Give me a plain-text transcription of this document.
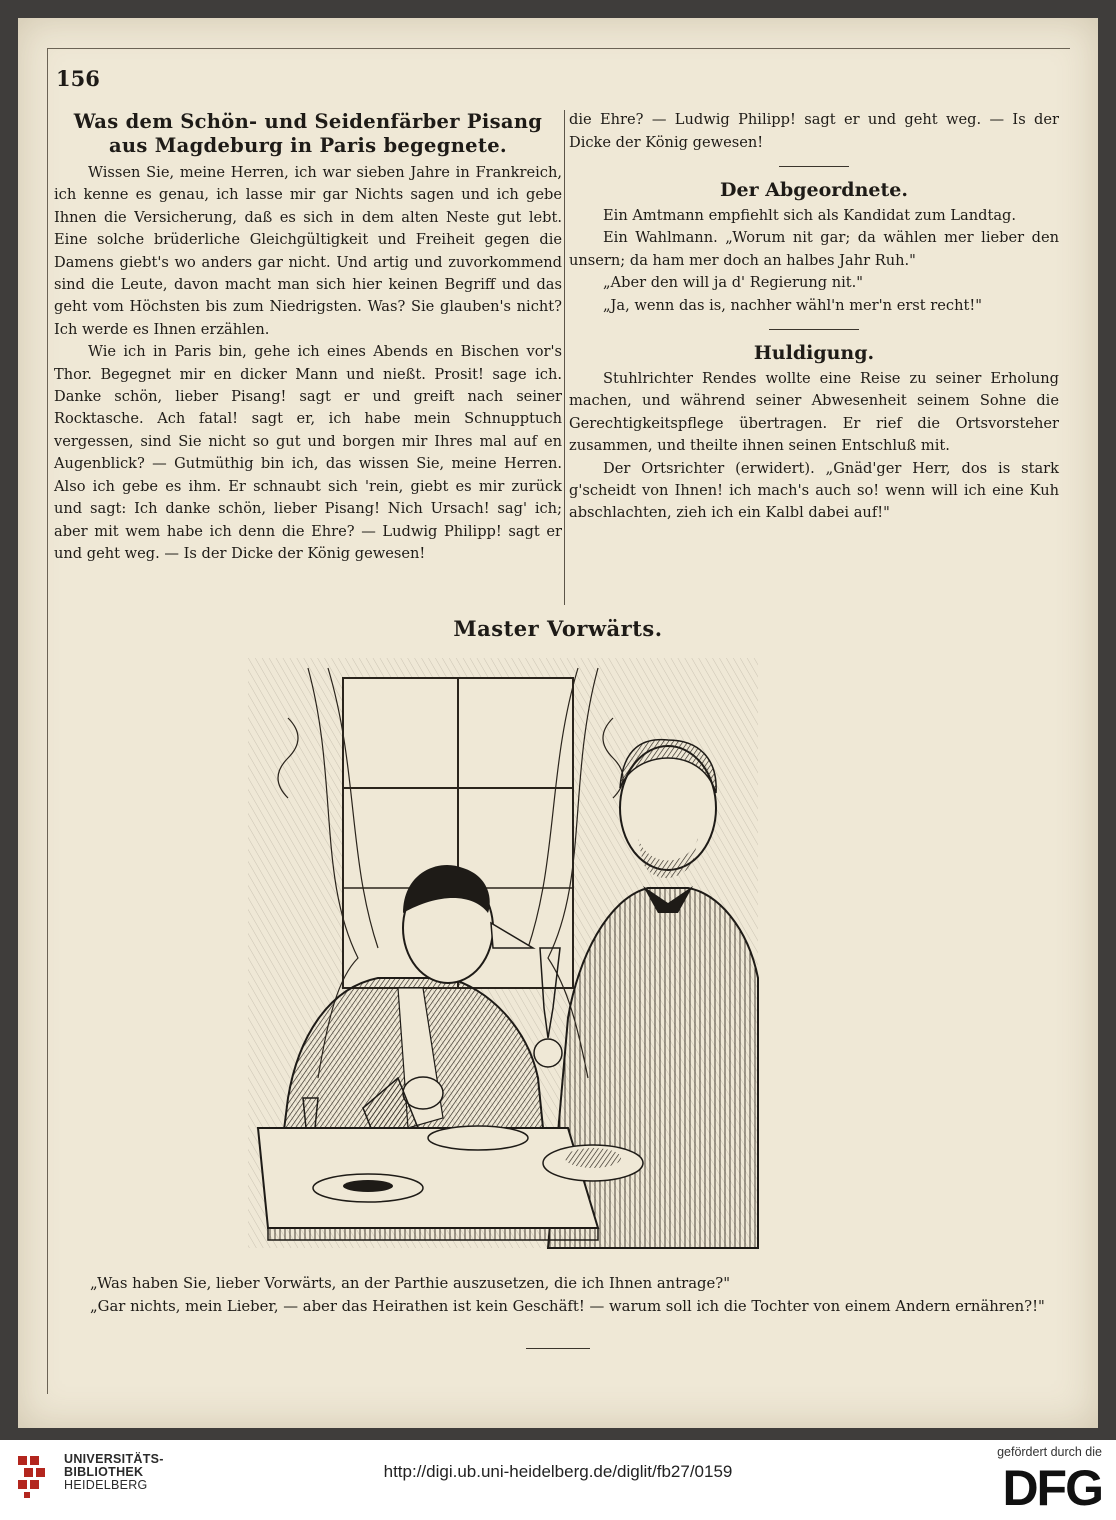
156
Was dem Schön- und Seidenfärber Pisang
aus Magdeburg in Paris begegnete.

Wissen Sie, meine Herren, ich war sieben Jahre in Frankreich, ich kenne es genau, ich lasse mir gar Nichts sagen und ich gebe Ihnen die Versicherung, daß es sich in dem alten Neste gut lebt. Eine solche brüderliche Gleichgültigkeit und Freiheit gegen die Damens giebt's wo anders gar nicht. Und artig und zuvorkommend sind die Leute, davon macht man sich hier keinen Begriff und das geht vom Höchsten bis zum Niedrigsten. Was? Sie glauben's nicht? Ich werde es Ihnen erzählen.

Wie ich in Paris bin, gehe ich eines Abends en Bischen vor's Thor. Begegnet mir en dicker Mann und nießt. Prosit! sage ich. Danke schön, lieber Pisang! sagt er und greift nach seiner Rocktasche. Ach fatal! sagt er, ich habe mein Schnupptuch vergessen, sind Sie nicht so gut und borgen mir Ihres mal auf en Augenblick? — Gutmüthig bin ich, das wissen Sie, meine Herren. Also ich gebe es ihm. Er schnaubt sich 'rein, giebt es mir zurück und sagt: Ich danke schön, lieber Pisang! Nich Ursach! sag' ich; aber mit wem habe ich denn die Ehre? — Ludwig Philipp! sagt er und geht weg. — Is der Dicke der König gewesen!

die Ehre? — Ludwig Philipp! sagt er und geht weg. — Is der Dicke der König gewesen!

Der Abgeordnete.

Ein Amtmann empfiehlt sich als Kandidat zum Landtag.

Ein Wahlmann. „Worum nit gar; da wählen mer lieber den unsern; da ham mer doch an halbes Jahr Ruh."

„Aber den will ja d' Regierung nit."

„Ja, wenn das is, nachher wähl'n mer'n erst recht!"

Huldigung.

Stuhlrichter Rendes wollte eine Reise zu seiner Erholung machen, und während seiner Abwesenheit seinem Sohne die Gerechtigkeitspflege übertragen. Er rief die Ortsvorsteher zusammen, und theilte ihnen seinen Entschluß mit.

Der Ortsrichter (erwidert). „Gnäd'ger Herr, dos is stark g'scheidt von Ihnen! ich mach's auch so! wenn will ich eine Kuh abschlachten, zieh ich ein Kalbl dabei auf!"

Master Vorwärts.

„Was haben Sie, lieber Vorwärts, an der Parthie auszusetzen, die ich Ihnen antrage?"

„Gar nichts, mein Lieber, — aber das Heirathen ist kein Geschäft! — warum soll ich die Tochter von einem Andern ernähren?!"

UNIVERSITÄTS-
BIBLIOTHEK
HEIDELBERG
http://digi.ub.uni-heidelberg.de/diglit/fb27/0159
gefördert durch die
DFG
